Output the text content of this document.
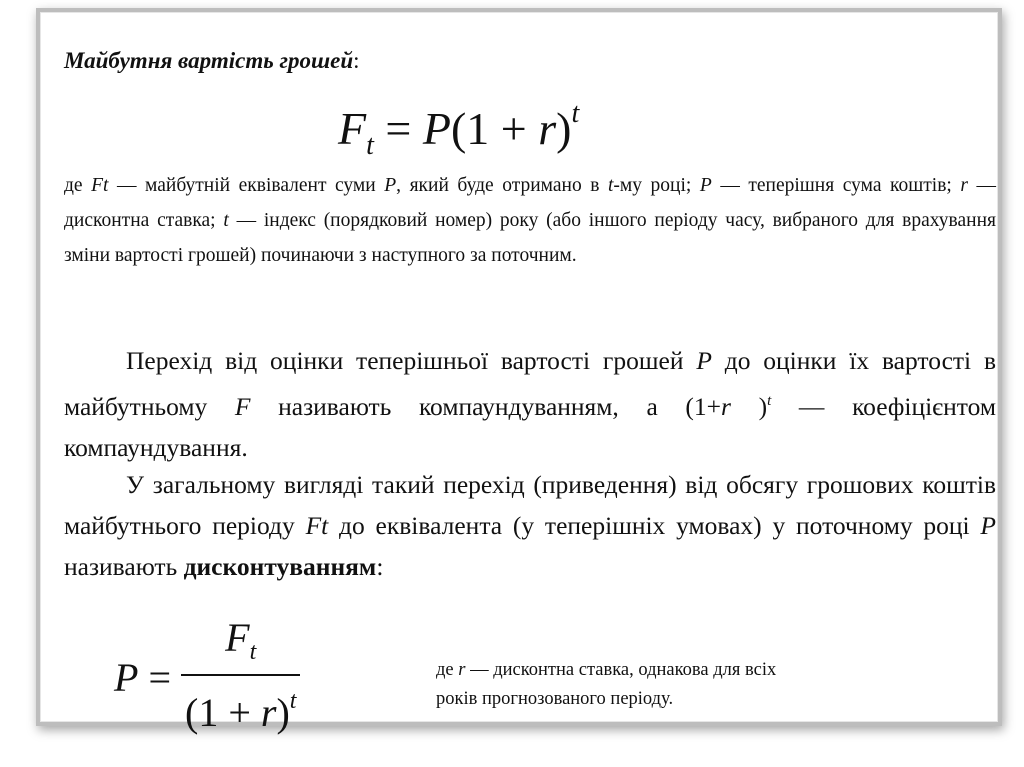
Майбутня вартість грошей:
$F_t = P(1 + r)^t$
де Ft — майбутній еквівалент суми P, який буде отримано в t-му році; P — теперішня сума коштів; r — дисконтна ставка; t — індекс (порядковий номер) року (або іншого періоду часу, вибраного для врахування зміни вартості грошей) починаючи з наступного за поточним.
Перехід від оцінки теперішньої вартості грошей P до оцінки їх вартості в майбутньому F називають компаундуванням, а (1+r )$^t$ — коефіцієнтом компаундування.
У загальному вигляді такий перехід (приведення) від обсягу грошових коштів майбутнього періоду Ft до еквівалента (у теперішніх умовах) у поточному році P називають дисконтуванням:
$P = \frac{F_t}{(1 + r)^t}$	де r — дисконтна ставка, однакова для всіх
років прогнозованого періоду.
